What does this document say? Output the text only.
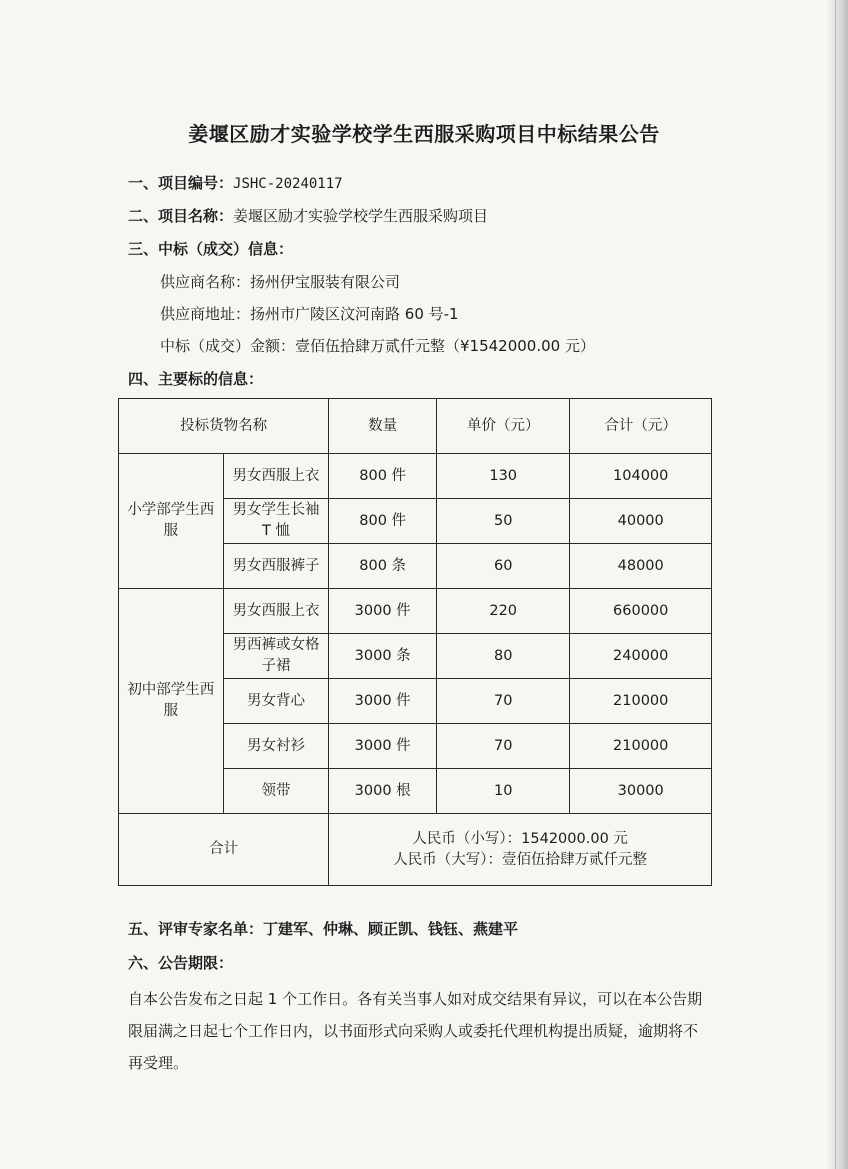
姜堰区励才实验学校学生西服采购项目中标结果公告
一、项目编号：JSHC-20240117
二、项目名称：姜堰区励才实验学校学生西服采购项目
三、中标（成交）信息：
供应商名称：扬州伊宝服装有限公司
供应商地址：扬州市广陵区汶河南路 60 号-1
中标（成交）金额：壹佰伍拾肆万贰仟元整（¥1542000.00 元）
四、主要标的信息：
投标货物名称		数量	单价（元）	合计（元）
小学部学生西服	男女西服上衣	800 件	130	104000
	男女学生长袖 T 恤	800 件	50	40000
	男女西服裤子	800 条	60	48000
初中部学生西服	男女西服上衣	3000 件	220	660000
	男西裤或女格子裙	3000 条	80	240000
	男女背心	3000 件	70	210000
	男女衬衫	3000 件	70	210000
	领带	3000 根	10	30000
合计		人民币（小写）：1542000.00 元
人民币（大写）：壹佰伍拾肆万贰仟元整		
五、评审专家名单：丁建军、仲琳、顾正凯、钱钰、燕建平
六、公告期限：
自本公告发布之日起 1 个工作日。各有关当事人如对成交结果有异议，可以在本公告期限届满之日起七个工作日内，以书面形式向采购人或委托代理机构提出质疑，逾期将不再受理。
